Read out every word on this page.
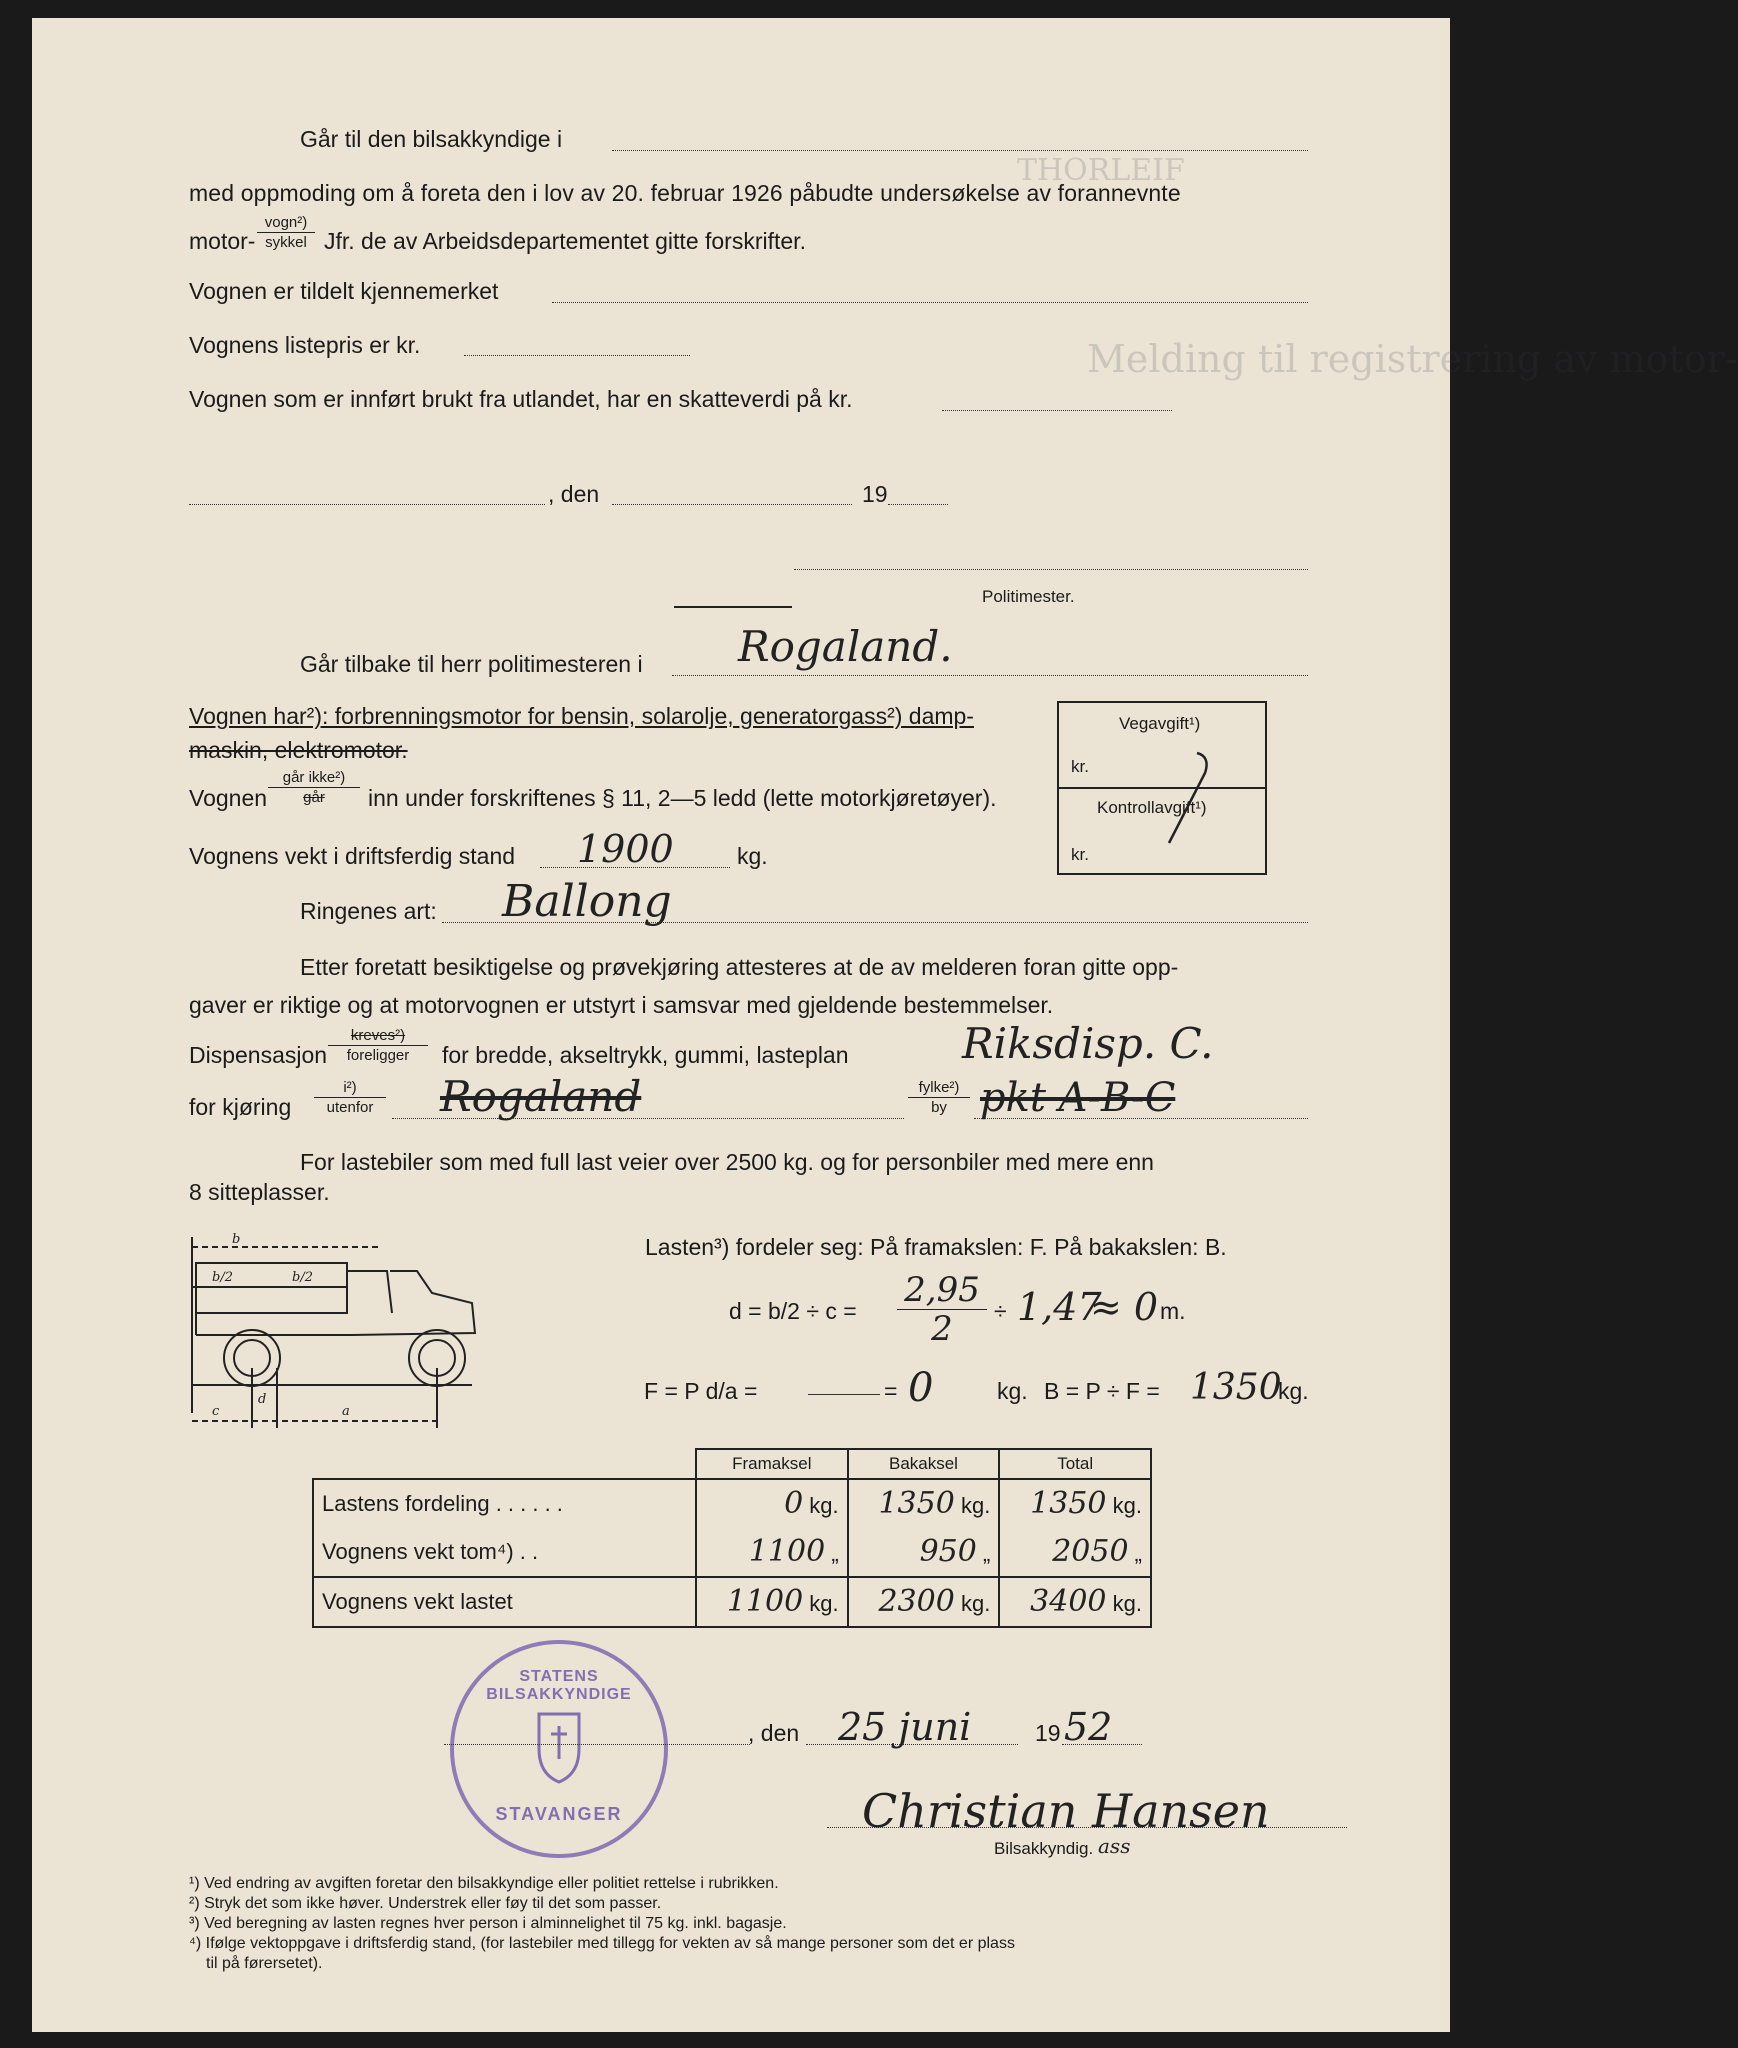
Melding til registrering av motor-
THORLEIF
Går til den bilsakkyndige i
med oppmoding om å foreta den i lov av 20. februar 1926 påbudte undersøkelse av forannevnte
motor-
vogn²)
sykkel Jfr. de av Arbeidsdepartementet gitte forskrifter.
Vognen er tildelt kjennemerket
Vognens listepris er kr.
Vognen som er innført brukt fra utlandet, har en skatteverdi på kr.
, den	19
Politimester.
Går tilbake til herr politimesteren i Rogaland.
Vognen har²): forbrenningsmotor for bensin, solarolje, generatorgass²) damp-
maskin, elektromotor.
Vognen
går ikke²)
går	inn under forskriftenes § 11, 2—5 ledd (lette motorkjøretøyer).
Vognens vekt i driftsferdig stand 1900	kg.
Ringenes art: Ballong
Vegavgift¹)
kr.
Kontrollavgift¹)
kr.
Etter foretatt besiktigelse og prøvekjøring attesteres at de av melderen foran gitte opp-
gaver er riktige og at motorvognen er utstyrt i samsvar med gjeldende bestemmelser.
Dispensasjon
kreves²)
foreligger	for bredde, akseltrykk, gummi, lasteplan	Riksdisp. C.
for kjøring
i²)
utenfor	Rogaland	fylke²)
by pkt A-B-C
For lastebiler som med full last veier over 2500 kg. og for personbiler med mere enn
8 sitteplasser.
b
b/2	b/2
c
d
a
Lasten³) fordeler seg: På framakslen: F. På bakakslen: B.
$d = b/2 \div c = \frac{2,95}{2} \div 1,47$
≈ 0 m.
F = P d/a =	= 0	kg. B = P ÷ F = 1350
kg.
	Framaksel	Bakaksel	Total
Lastens fordeling . . . . . .	0 kg.	1350 kg.	1350 kg.
Vognens vekt tom⁴) . .	1100 „	950 „	2050 „
Vognens vekt lastet	1100 kg.	2300 kg.	3400 kg.
STATENS BILSAKKYNDIGE
STAVANGER
, den 25 juni	19 52
Christian Hansen
Bilsakkyndig. ass
¹) Ved endring av avgiften foretar den bilsakkyndige eller politiet rettelse i rubrikken.
²) Stryk det som ikke høver. Understrek eller føy til det som passer.
³) Ved beregning av lasten regnes hver person i alminnelighet til 75 kg. inkl. bagasje.
⁴) Ifølge vektoppgave i driftsferdig stand, (for lastebiler med tillegg for vekten av så mange personer som det er plass
til på førersetet).
